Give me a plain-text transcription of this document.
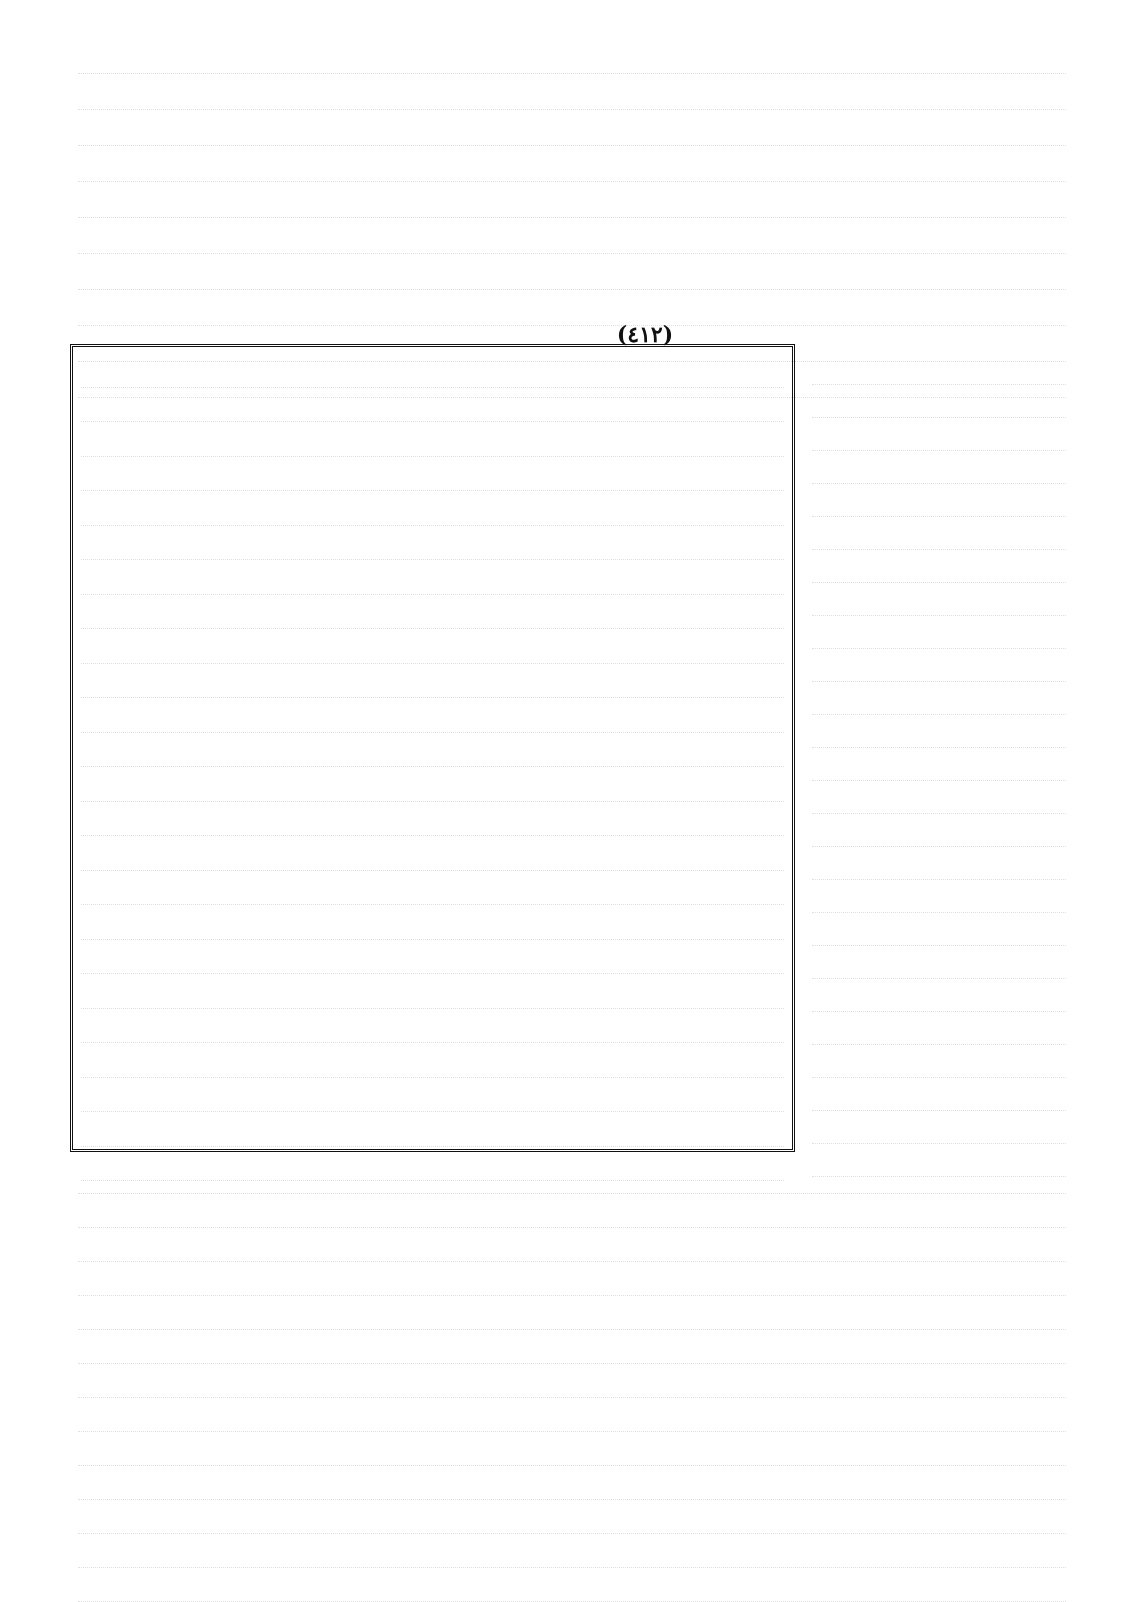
(٤١٢)
